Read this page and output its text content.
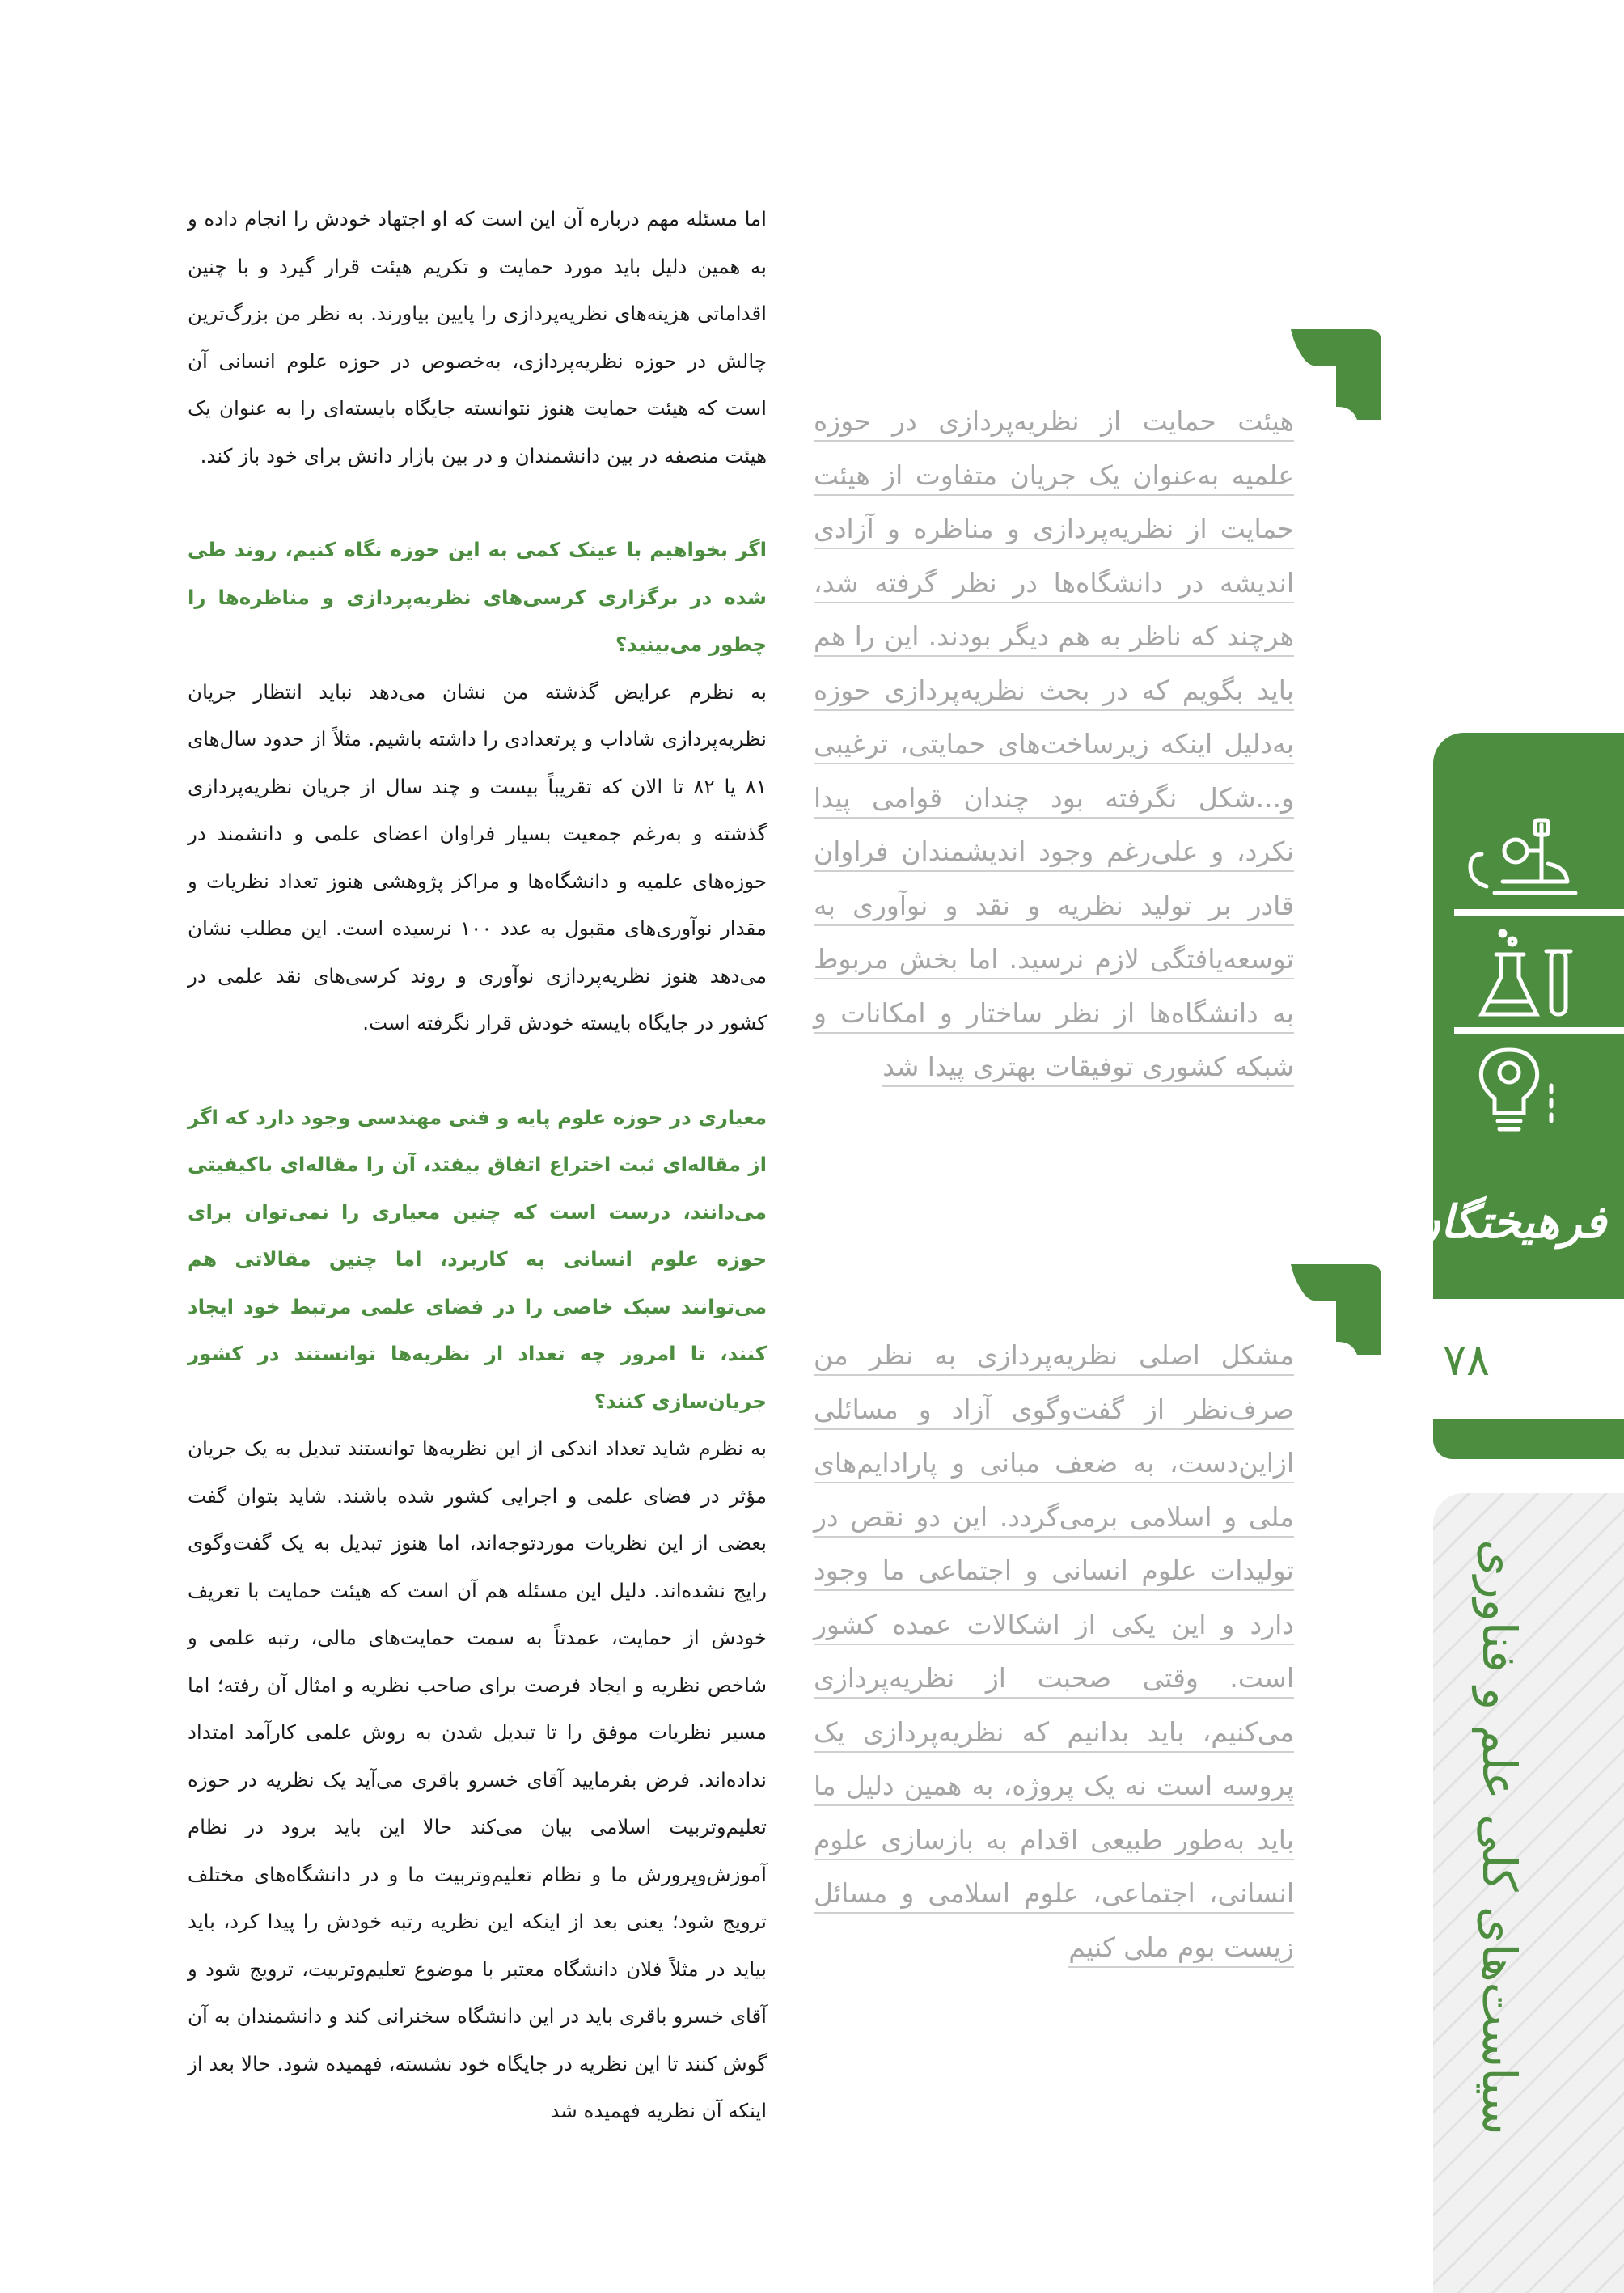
اما مسئله مهم درباره آن این است که او اجتهاد خودش را انجام داده و به همین دلیل باید مورد حمایت و تکریم هیئت قرار گیرد و با چنین اقداماتی هزینه‌های نظریه‌پردازی را پایین بیاورند. به نظر من بزرگ‌ترین چالش در حوزه نظریه‌پردازی، به‌خصوص در حوزه علوم انسانی آن است که هیئت حمایت هنوز نتوانسته جایگاه بایسته‌ای را به عنوان یک هیئت منصفه در بین دانشمندان و در بین بازار دانش برای خود باز کند.

اگر بخواهیم با عینک کمی به این حوزه نگاه کنیم، روند طی شده در برگزاری کرسی‌های نظریه‌پردازی و مناظره‌ها را چطور می‌بینید؟

به نظرم عرایض گذشته من نشان می‌دهد نباید انتظار جریان نظریه‌پردازی شاداب و پرتعدادی را داشته باشیم. مثلاً از حدود سال‌های ۸۱ یا ۸۲ تا الان که تقریباً بیست و چند سال از جریان نظریه‌پردازی گذشته و به‌رغم جمعیت بسیار فراوان اعضای علمی و دانشمند در حوزه‌های علمیه و دانشگاه‌ها و مراکز پژوهشی هنوز تعداد نظریات و مقدار نوآوری‌های مقبول به عدد ۱۰۰ نرسیده است. این مطلب نشان می‌دهد هنوز نظریه‌پردازی نوآوری و روند کرسی‌های نقد علمی در کشور در جایگاه بایسته خودش قرار نگرفته است.

معیاری در حوزه علوم پایه و فنی مهندسی وجود دارد که اگر از مقاله‌ای ثبت اختراع اتفاق بیفتد، آن را مقاله‌ای باکیفیتی می‌دانند، درست است که چنین معیاری را نمی‌توان برای حوزه علوم انسانی به کاربرد، اما چنین مقالاتی هم می‌توانند سبک خاصی را در فضای علمی مرتبط خود ایجاد کنند، تا امروز چه تعداد از نظریه‌ها توانستند در کشور جریان‌سازی کنند؟

به نظرم شاید تعداد اندکی از این نظریه‌ها توانستند تبدیل به یک جریان مؤثر در فضای علمی و اجرایی کشور شده باشند. شاید بتوان گفت بعضی از این نظریات موردتوجه‌اند، اما هنوز تبدیل به یک گفت‌وگوی رایج نشده‌اند. دلیل این مسئله هم آن است که هیئت حمایت با تعریف خودش از حمایت، عمدتاً به سمت حمایت‌های مالی، رتبه علمی و شاخص نظریه و ایجاد فرصت برای صاحب نظریه و امثال آن رفته؛ اما مسیر نظریات موفق را تا تبدیل شدن به روش علمی کارآمد امتداد نداده‌اند. فرض بفرمایید آقای خسرو باقری می‌آید یک نظریه در حوزه تعلیم‌وتربیت اسلامی بیان می‌کند حالا این باید برود در نظام آموزش‌وپرورش ما و نظام تعلیم‌وتربیت ما و در دانشگاه‌های مختلف ترویج شود؛ یعنی بعد از اینکه این نظریه رتبه خودش را پیدا کرد، باید بیاید در مثلاً فلان دانشگاه معتبر با موضوع تعلیم‌وتربیت، ترویج شود و آقای خسرو باقری باید در این دانشگاه سخنرانی کند و دانشمندان به آن گوش کنند تا این نظریه در جایگاه خود نشسته، فهمیده شود. حالا بعد از اینکه آن نظریه فهمیده شد

هیئت حمایت از نظریه‌پردازی در حوزه علمیه به‌عنوان یک جریان متفاوت از هیئت حمایت از نظریه‌پردازی و مناظره و آزادی اندیشه در دانشگاه‌ها در نظر گرفته شد، هرچند که ناظر به هم دیگر بودند. این را هم باید بگویم که در بحث نظریه‌پردازی حوزه به‌دلیل اینکه زیرساخت‌های حمایتی، ترغیبی و...شکل نگرفته بود چندان قوامی پیدا نکرد، و علی‌رغم وجود اندیشمندان فراوان قادر بر تولید نظریه و نقد و نوآوری به توسعه‌یافتگی لازم نرسید. اما بخش مربوط به دانشگاه‌ها از نظر ساختار و امکانات و شبکه کشوری توفیقات بهتری پیدا شد
مشکل اصلی نظریه‌پردازی به نظر من صرف‌نظر از گفت‌وگوی آزاد و مسائلی ازاین‌دست، به ضعف مبانی و پارادایم‌های ملی و اسلامی برمی‌گردد. این دو نقص در تولیدات علوم انسانی و اجتماعی ما وجود دارد و این یکی از اشکالات عمده کشور است. وقتی صحبت از نظریه‌پردازی می‌کنیم، باید بدانیم که نظریه‌پردازی یک پروسه است نه یک پروژه، به همین دلیل ما باید به‌طور طبیعی اقدام به بازسازی علوم انسانی، اجتماعی، علوم اسلامی و مسائل زیست بوم ملی کنیم
فرهیختگان
۷۸
سیاست‌های کلی علم و فناوری
